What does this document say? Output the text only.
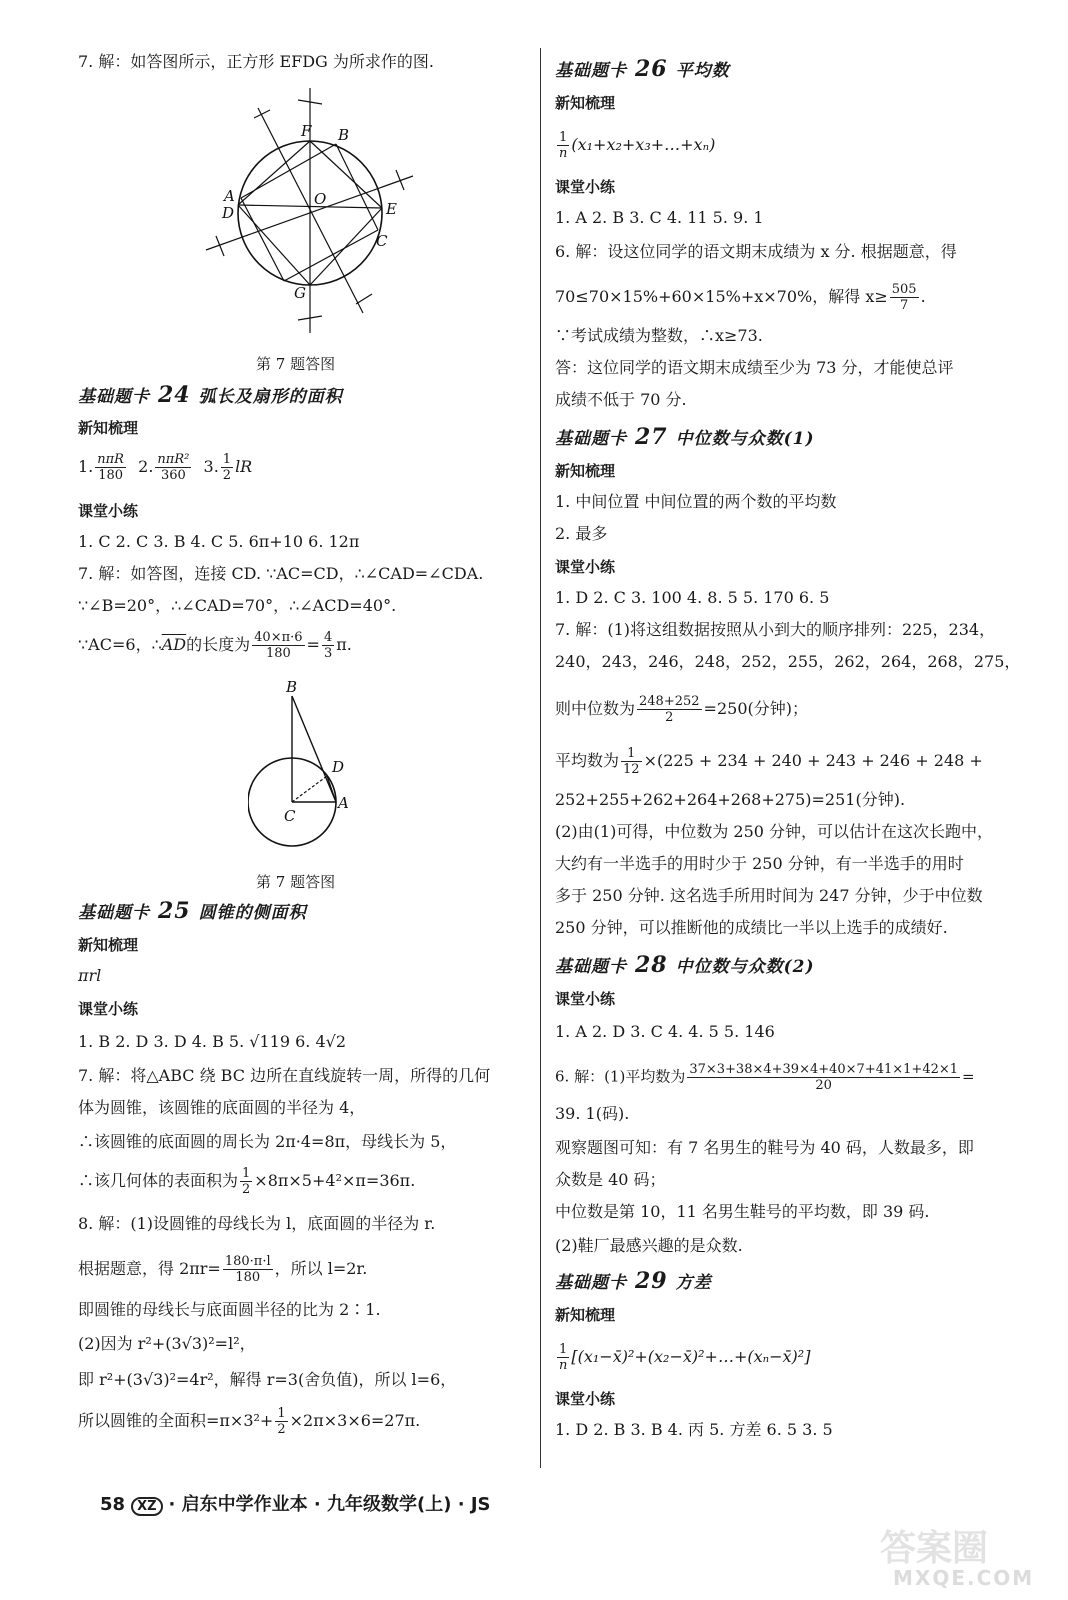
7. 解：如答图所示，正方形 EFDG 为所求作的图.
F B
A
D
O
E
C
G
第 7 题答图
基础题卡 24 弧长及扇形的面积
新知梳理
1. $\frac{\text{nπR}}{180} 2$. $\frac{\text{nπR²}}{360} 3$. $\frac{1}{2}$ lR
课堂小练
1. C 2. C 3. B 4. C 5. 6π+10 6. 12π
7. 解：如答图，连接 CD. ∵AC=CD，∴∠CAD=∠CDA.
∵∠B=20°，∴∠CAD=70°，∴∠ACD=40°.
∵AC=6，$\therefore\overline{AD}$的长度为 $\frac{40\times\pi\cdot 6}{180} = \frac{4}{3} \pi$.
B
D
C
A
第 7 题答图
基础题卡 25 圆锥的侧面积
新知梳理
πrl
课堂小练
1. B 2. D 3. D 4. B 5. √119 6. 4√2
7. 解：将△ABC 绕 BC 边所在直线旋转一周，所得的几何
体为圆锥，该圆锥的底面圆的半径为 4，
∴该圆锥的底面圆的周长为 2π·4=8π，母线长为 5，
∴该几何体的表面积为 $\frac{1}{2} \times 8\pi\times 5+4^2\times\pi=36\pi$.
8. 解：(1)设圆锥的母线长为 l，底面圆的半径为 r.
根据题意，得 $2\pi r= \frac{180\cdot\pi\cdot l}{180}$ ，所以 l=2r.
即圆锥的母线长与底面圆半径的比为 2∶1.
(2)因为 r²+(3√3)²=l²，
即 r²+(3√3)²=4r²，解得 r=3(舍负值)，所以 l=6，
所以圆锥的全面积$=\pi\times 3^2+ \frac{1}{2} \times 2\pi\times 3\times 6=27\pi$.
基础题卡 26 平均数
新知梳理
$\frac{1}{n}$ (x₁+x₂+x₃+…+xₙ)
课堂小练
1. A 2. B 3. C 4. 11 5. 9. 1
6. 解：设这位同学的语文期末成绩为 x 分. 根据题意，得
70≤70×15%+60×15%+x×70%，解得 $x\ge \frac{505}{7}$ .
∵考试成绩为整数，∴x≥73.
答：这位同学的语文期末成绩至少为 73 分，才能使总评
成绩不低于 70 分.
基础题卡 27 中位数与众数(1)
新知梳理
1. 中间位置 中间位置的两个数的平均数
2. 最多
课堂小练
1. D 2. C 3. 100 4. 8. 5 5. 170 6. 5
7. 解：(1)将这组数据按照从小到大的顺序排列：225，234，
240，243，246，248，252，255，262，264，268，275，
则中位数为 $\frac{248+252}{2} =250$(分钟)；
平均数为 $\frac{1}{12} \times(225 + 234 + 240 + 243 + 246 + 248$ +
252+255+262+264+268+275)=251(分钟).
(2)由(1)可得，中位数为 250 分钟，可以估计在这次长跑中，
大约有一半选手的用时少于 250 分钟，有一半选手的用时
多于 250 分钟. 这名选手所用时间为 247 分钟，少于中位数
250 分钟，可以推断他的成绩比一半以上选手的成绩好.
基础题卡 28 中位数与众数(2)
课堂小练
1. A 2. D 3. C 4. 4. 5 5. 146
6. 解：(1)平均数为 $\frac{37\times 3+38\times 4+39\times 4+40\times 7+41\times 1+42\times 1}{20}$ =
39. 1(码).
观察题图可知：有 7 名男生的鞋号为 40 码，人数最多，即
众数是 40 码；
中位数是第 10，11 名男生鞋号的平均数，即 39 码.
(2)鞋厂最感兴趣的是众数.
基础题卡 29 方差
新知梳理
$\frac{1}{n}$ [(x₁−x̄)²+(x₂−x̄)²+…+(xₙ−x̄)²]
课堂小练
1. D 2. B 3. B 4. 丙 5. 方差 6. 5 3. 5
58 XZ · 启东中学作业本 · 九年级数学(上) · JS
答案圈
MXQE.COM
